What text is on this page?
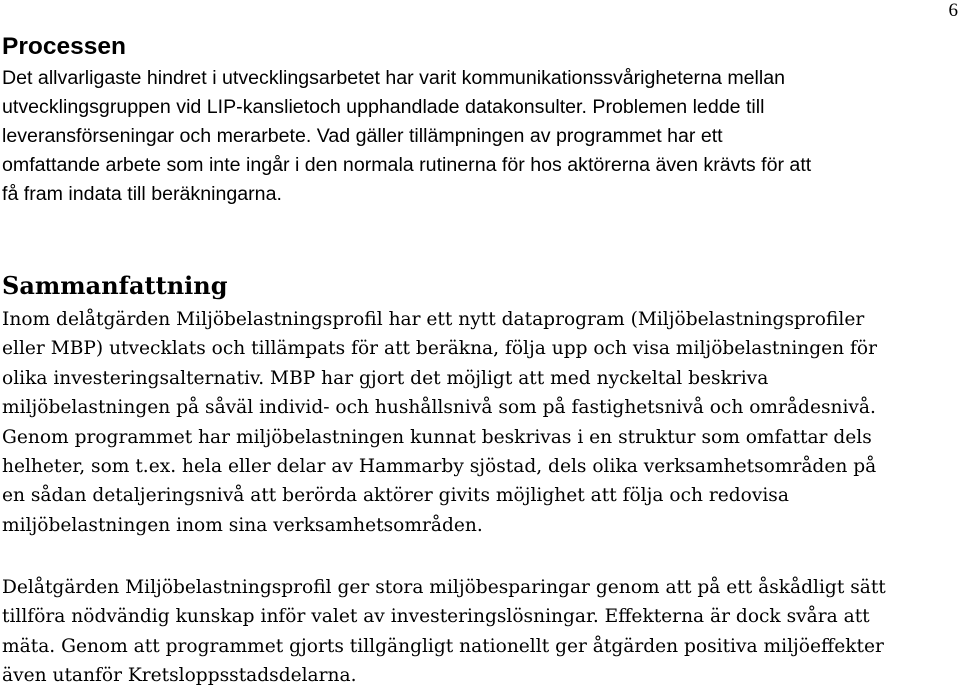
6
Processen

Det allvarligaste hindret i utvecklingsarbetet har varit kommunikationssvårigheterna mellan
utvecklingsgruppen vid LIP-kanslietoch upphandlade datakonsulter. Problemen ledde till
leveransförseningar och merarbete. Vad gäller tillämpningen av programmet har ett
omfattande arbete som inte ingår i den normala rutinerna för hos aktörerna även krävts för att
få fram indata till beräkningarna.

Sammanfattning

Inom delåtgärden Miljöbelastningsprofil har ett nytt dataprogram (Miljöbelastningsprofiler
eller MBP) utvecklats och tillämpats för att beräkna, följa upp och visa miljöbelastningen för
olika investeringsalternativ. MBP har gjort det möjligt att med nyckeltal beskriva
miljöbelastningen på såväl individ- och hushållsnivå som på fastighetsnivå och områdesnivå.
Genom programmet har miljöbelastningen kunnat beskrivas i en struktur som omfattar dels
helheter, som t.ex. hela eller delar av Hammarby sjöstad, dels olika verksamhetsområden på
en sådan detaljeringsnivå att berörda aktörer givits möjlighet att följa och redovisa
miljöbelastningen inom sina verksamhetsområden.

Delåtgärden Miljöbelastningsprofil ger stora miljöbesparingar genom att på ett åskådligt sätt
tillföra nödvändig kunskap inför valet av investeringslösningar. Effekterna är dock svåra att
mäta. Genom att programmet gjorts tillgängligt nationellt ger åtgärden positiva miljöeffekter
även utanför Kretsloppsstadsdelarna.
